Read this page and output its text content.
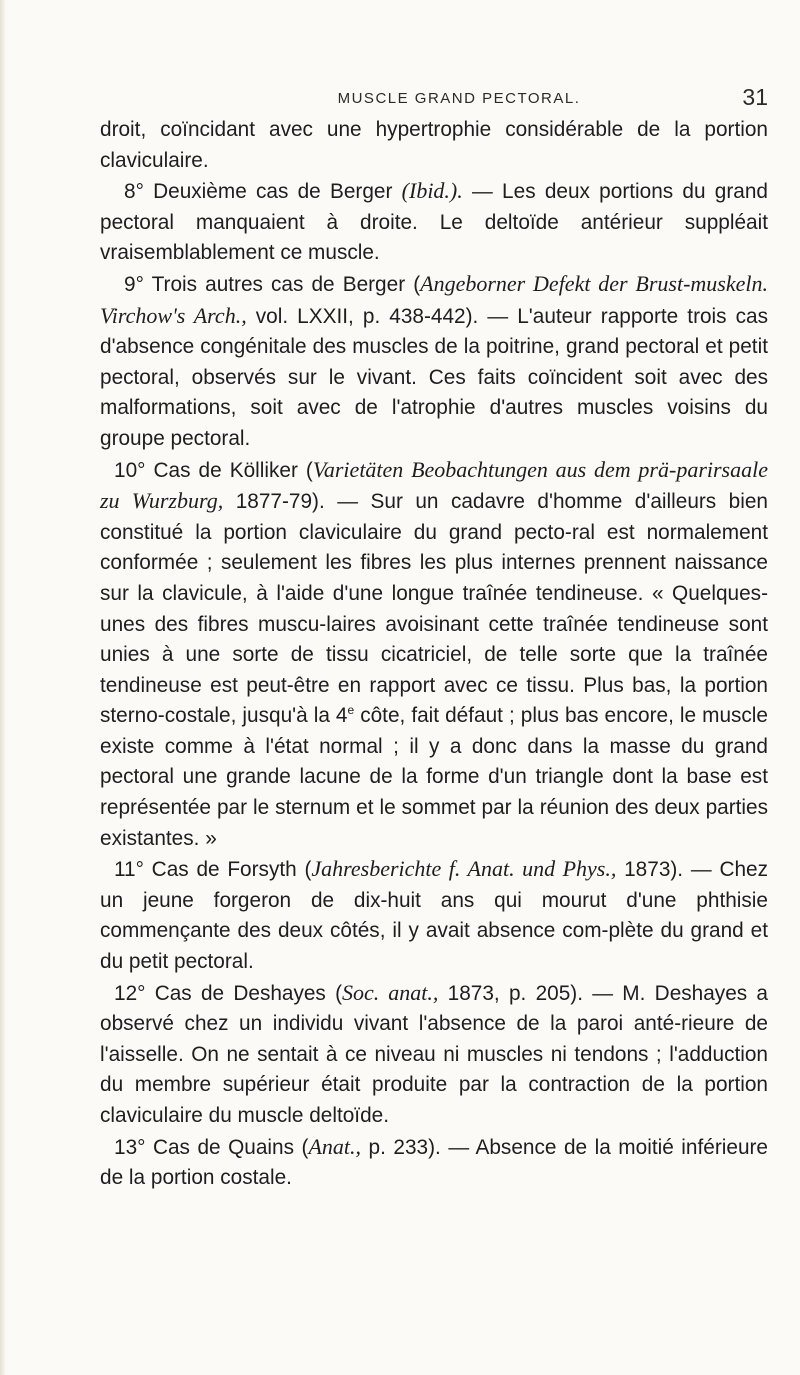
MUSCLE GRAND PECTORAL.	31

droit, coïncidant avec une hypertrophie considérable de la portion claviculaire.

8° Deuxième cas de Berger (Ibid.). — Les deux portions du grand pectoral manquaient à droite. Le deltoïde antérieur suppléait vraisemblablement ce muscle.

9° Trois autres cas de Berger (Angeborner Defekt der Brust-muskeln. Virchow's Arch., vol. LXXII, p. 438-442). — L'auteur rapporte trois cas d'absence congénitale des muscles de la poitrine, grand pectoral et petit pectoral, observés sur le vivant. Ces faits coïncident soit avec des malformations, soit avec de l'atrophie d'autres muscles voisins du groupe pectoral.

10° Cas de Kölliker (Varietäten Beobachtungen aus dem prä-parirsaale zu Wurzburg, 1877-79). — Sur un cadavre d'homme d'ailleurs bien constitué la portion claviculaire du grand pecto-ral est normalement conformée ; seulement les fibres les plus internes prennent naissance sur la clavicule, à l'aide d'une longue traînée tendineuse. « Quelques-unes des fibres muscu-laires avoisinant cette traînée tendineuse sont unies à une sorte de tissu cicatriciel, de telle sorte que la traînée tendineuse est peut-être en rapport avec ce tissu. Plus bas, la portion sterno-costale, jusqu'à la 4e côte, fait défaut ; plus bas encore, le muscle existe comme à l'état normal ; il y a donc dans la masse du grand pectoral une grande lacune de la forme d'un triangle dont la base est représentée par le sternum et le sommet par la réunion des deux parties existantes. »

11° Cas de Forsyth (Jahresberichte f. Anat. und Phys., 1873). — Chez un jeune forgeron de dix-huit ans qui mourut d'une phthisie commençante des deux côtés, il y avait absence com-plète du grand et du petit pectoral.

12° Cas de Deshayes (Soc. anat., 1873, p. 205). — M. Deshayes a observé chez un individu vivant l'absence de la paroi anté-rieure de l'aisselle. On ne sentait à ce niveau ni muscles ni tendons ; l'adduction du membre supérieur était produite par la contraction de la portion claviculaire du muscle deltoïde.

13° Cas de Quains (Anat., p. 233). — Absence de la moitié inférieure de la portion costale.
